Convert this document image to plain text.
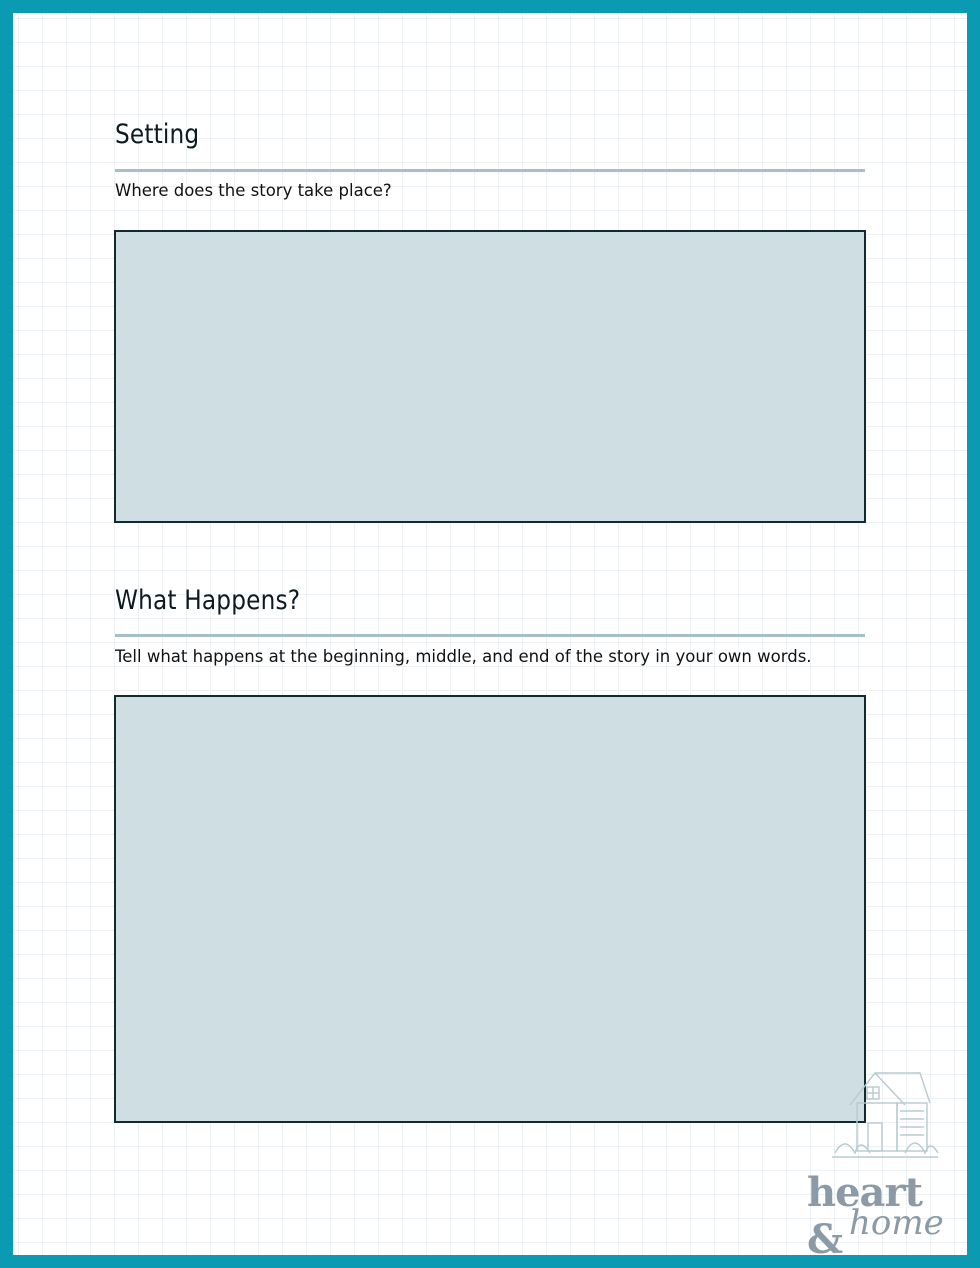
Setting
Where does the story take place?
What Happens?
Tell what happens at the beginning, middle, and end of the story in your own words.
heart & home
